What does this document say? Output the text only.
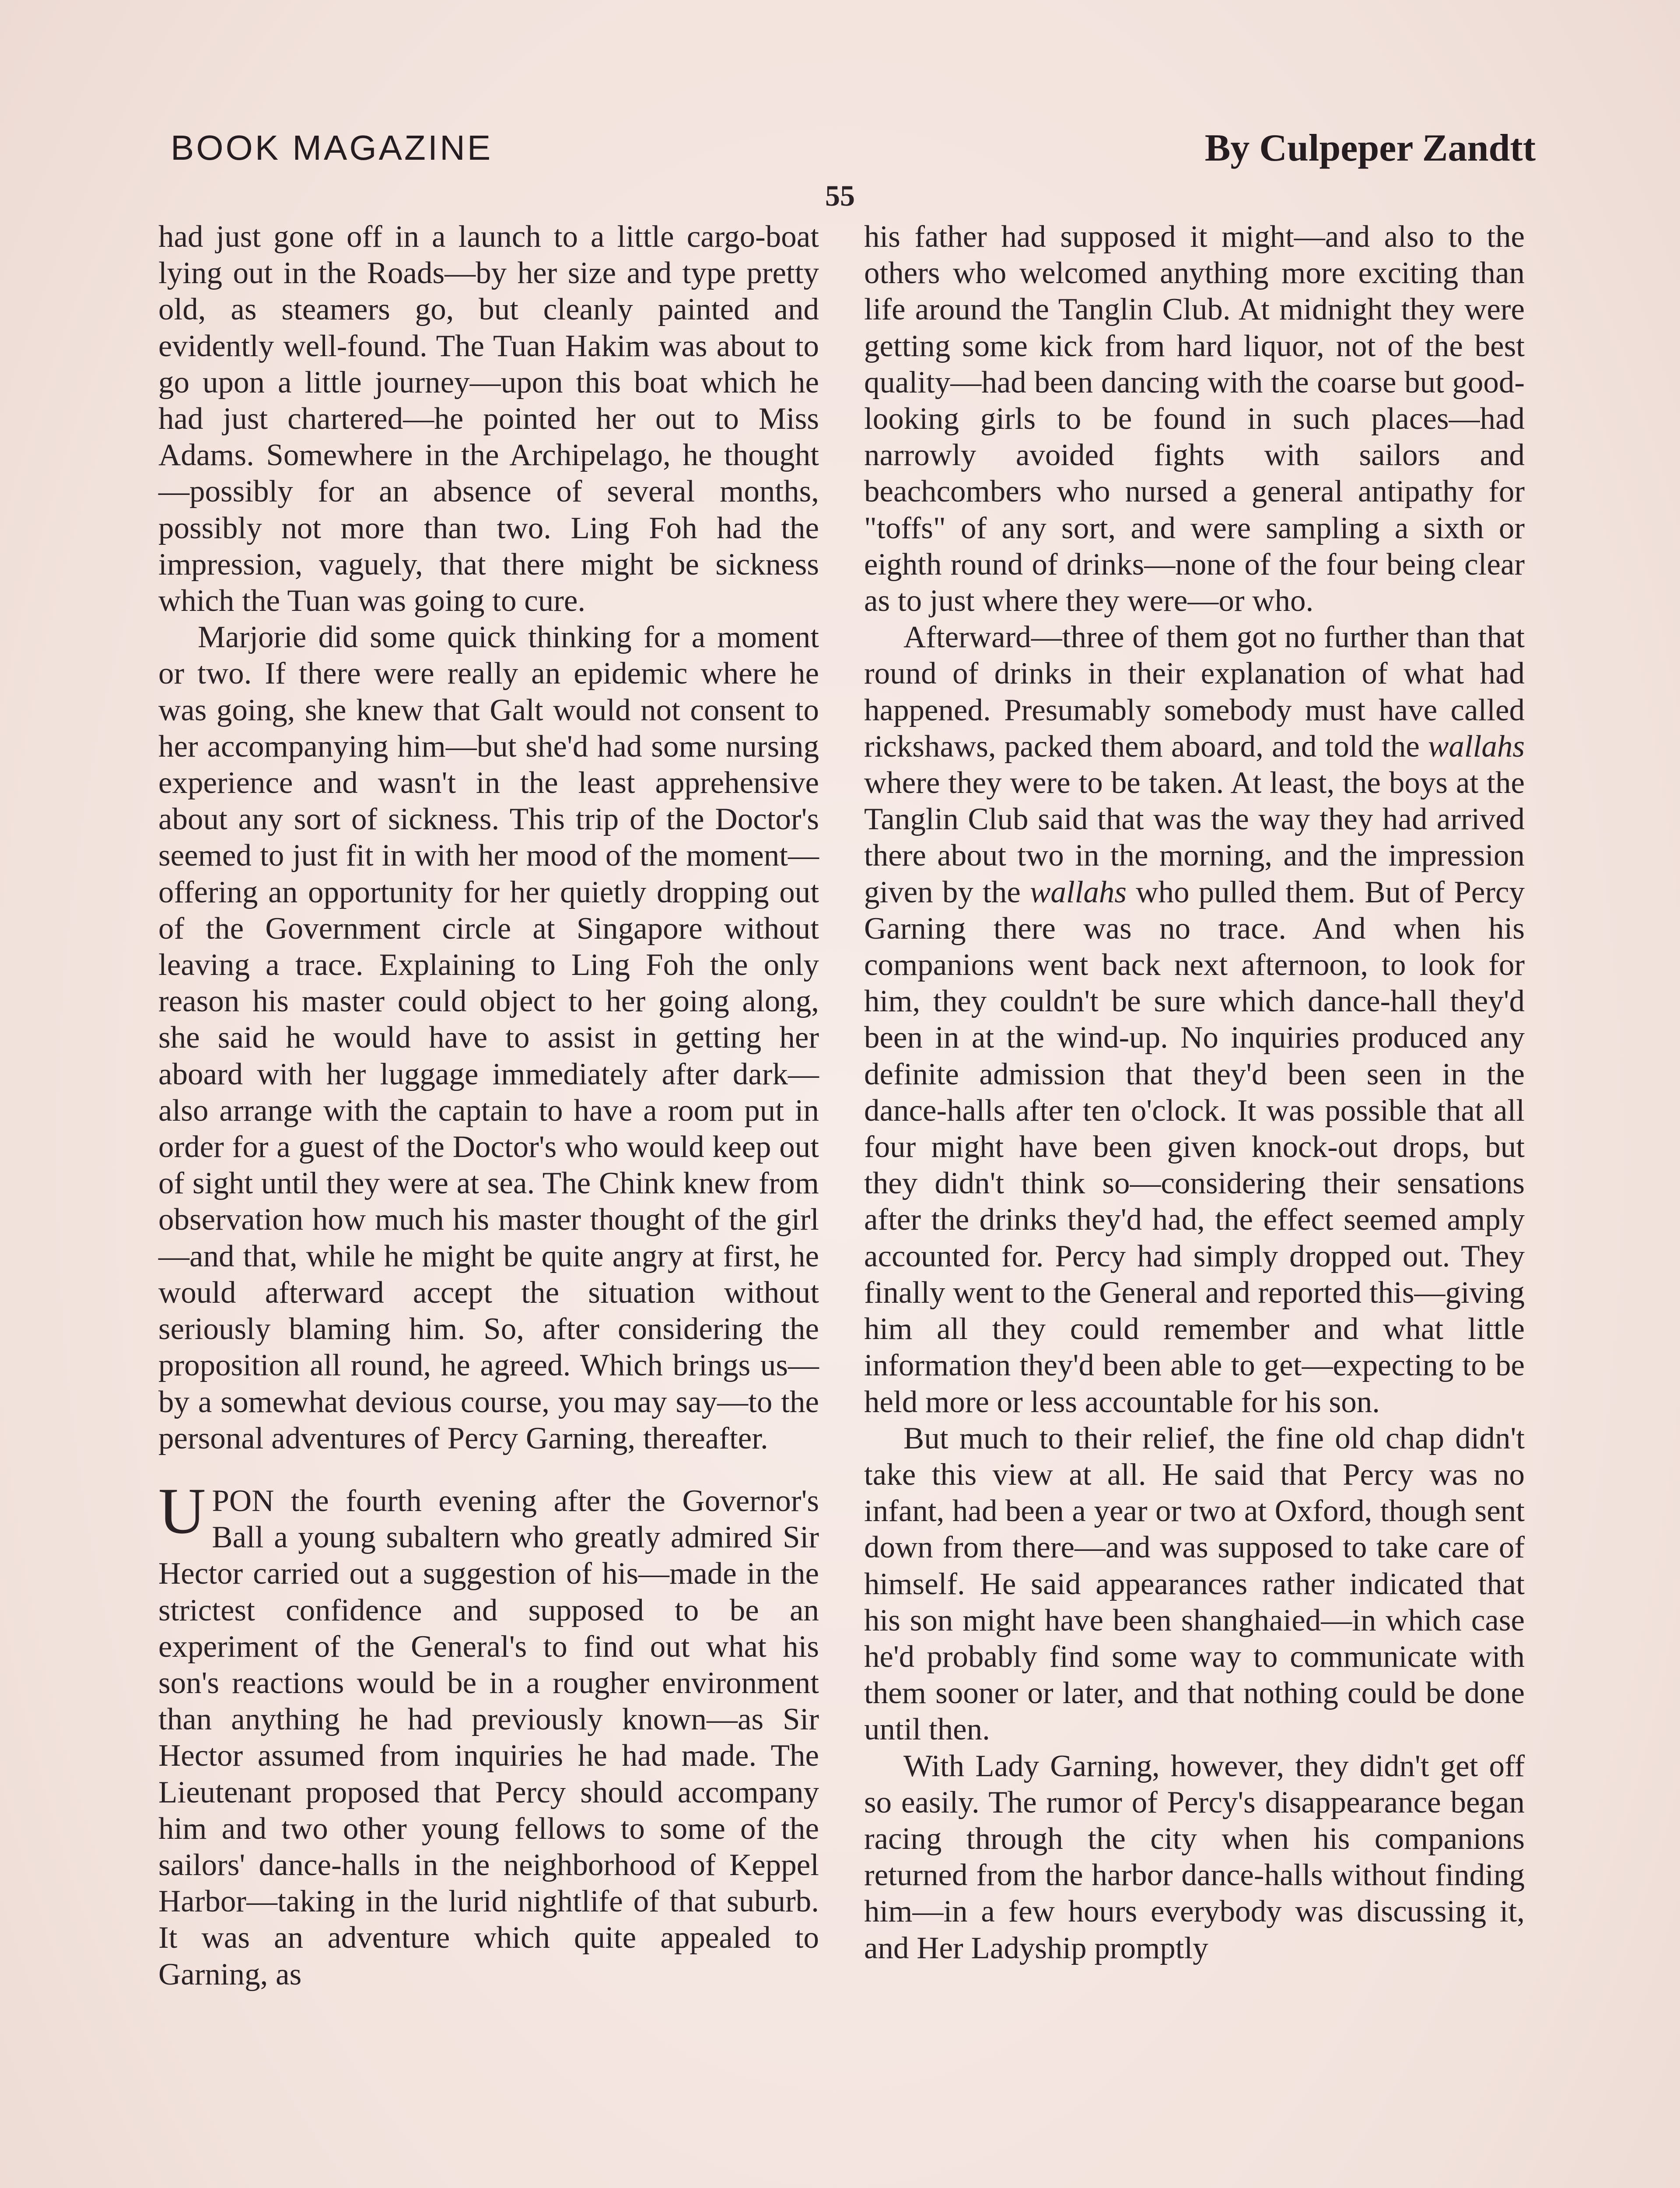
BOOK MAGAZINE	By Culpeper Zandtt
55

had just gone off in a launch to a little cargo-boat lying out in the Roads—by her size and type pretty old, as steamers go, but cleanly painted and evidently well-found. The Tuan Hakim was about to go upon a little journey—upon this boat which he had just chartered—he pointed her out to Miss Adams. Somewhere in the Archipelago, he thought—possibly for an absence of several months, possibly not more than two. Ling Foh had the impression, vaguely, that there might be sickness which the Tuan was going to cure.

Marjorie did some quick thinking for a moment or two. If there were really an epidemic where he was going, she knew that Galt would not consent to her accompanying him—but she'd had some nursing experience and wasn't in the least apprehensive about any sort of sickness. This trip of the Doctor's seemed to just fit in with her mood of the moment—offering an opportunity for her quietly dropping out of the Government circle at Singapore without leaving a trace. Explaining to Ling Foh the only reason his master could object to her going along, she said he would have to assist in getting her aboard with her luggage immediately after dark—also arrange with the captain to have a room put in order for a guest of the Doctor's who would keep out of sight until they were at sea. The Chink knew from observation how much his master thought of the girl—and that, while he might be quite angry at first, he would afterward accept the situation without seriously blaming him. So, after considering the proposition all round, he agreed. Which brings us—by a somewhat devious course, you may say—to the personal adventures of Percy Garning, thereafter.

UPON the fourth evening after the Governor's Ball a young subaltern who greatly admired Sir Hector carried out a suggestion of his—made in the strictest confidence and supposed to be an experiment of the General's to find out what his son's reactions would be in a rougher environment than anything he had previously known—as Sir Hector assumed from inquiries he had made. The Lieutenant proposed that Percy should accompany him and two other young fellows to some of the sailors' dance-halls in the neighborhood of Keppel Harbor—taking in the lurid nightlife of that suburb. It was an adventure which quite appealed to Garning, as

his father had supposed it might—and also to the others who welcomed anything more exciting than life around the Tanglin Club. At midnight they were getting some kick from hard liquor, not of the best quality—had been dancing with the coarse but good-looking girls to be found in such places—had narrowly avoided fights with sailors and beachcombers who nursed a general antipathy for "toffs" of any sort, and were sampling a sixth or eighth round of drinks—none of the four being clear as to just where they were—or who.

Afterward—three of them got no further than that round of drinks in their explanation of what had happened. Presumably somebody must have called rickshaws, packed them aboard, and told the wallahs where they were to be taken. At least, the boys at the Tanglin Club said that was the way they had arrived there about two in the morning, and the impression given by the wallahs who pulled them. But of Percy Garning there was no trace. And when his companions went back next afternoon, to look for him, they couldn't be sure which dance-hall they'd been in at the wind-up. No inquiries produced any definite admission that they'd been seen in the dance-halls after ten o'clock. It was possible that all four might have been given knock-out drops, but they didn't think so—considering their sensations after the drinks they'd had, the effect seemed amply accounted for. Percy had simply dropped out. They finally went to the General and reported this—giving him all they could remember and what little information they'd been able to get—expecting to be held more or less accountable for his son.

But much to their relief, the fine old chap didn't take this view at all. He said that Percy was no infant, had been a year or two at Oxford, though sent down from there—and was supposed to take care of himself. He said appearances rather indicated that his son might have been shanghaied—in which case he'd probably find some way to communicate with them sooner or later, and that nothing could be done until then.

With Lady Garning, however, they didn't get off so easily. The rumor of Percy's disappearance began racing through the city when his companions returned from the harbor dance-halls without finding him—in a few hours everybody was discussing it, and Her Ladyship promptly
